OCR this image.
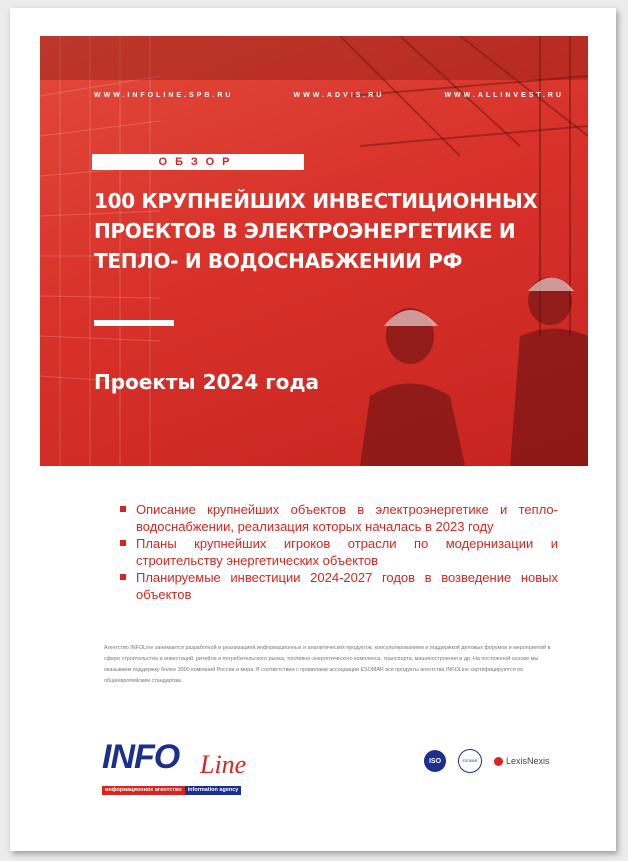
WWW.INFOLINE.SPB.RU	WWW.ADVIS.RU	WWW.ALLINVEST.RU
ОБЗОР
100 КРУПНЕЙШИХ ИНВЕСТИЦИОННЫХ
ПРОЕКТОВ В ЭЛЕКТРОЭНЕРГЕТИКЕ И
ТЕПЛО- И ВОДОСНАБЖЕНИИ РФ
Проекты 2024 года
Описание крупнейших объектов в электроэнергетике и тепло-водоснабжении, реализация которых началась в 2023 году
Планы крупнейших игроков отрасли по модернизации и строительству энергетических объектов
Планируемые инвестиции 2024-2027 годов в возведение новых объектов
Агентство INFOLine занимается разработкой и реализацией информационных и аналитических продуктов, консультированием и поддержкой деловых форумов и мероприятий в сфере строительства и инвестиций, ритейла и потребительского рынка, топливно-энергетического комплекса, транспорта, машиностроения и др. На постоянной основе мы оказываем поддержку более 3000 компаний России и мира. В соответствии с правилами ассоциации ESOMAR все продукты агентства INFOLine сертифицируются по общеевропейским стандартам.
INFO Line
информационное агентство	information agency
ISO	ESOMAR	LexisNexis
